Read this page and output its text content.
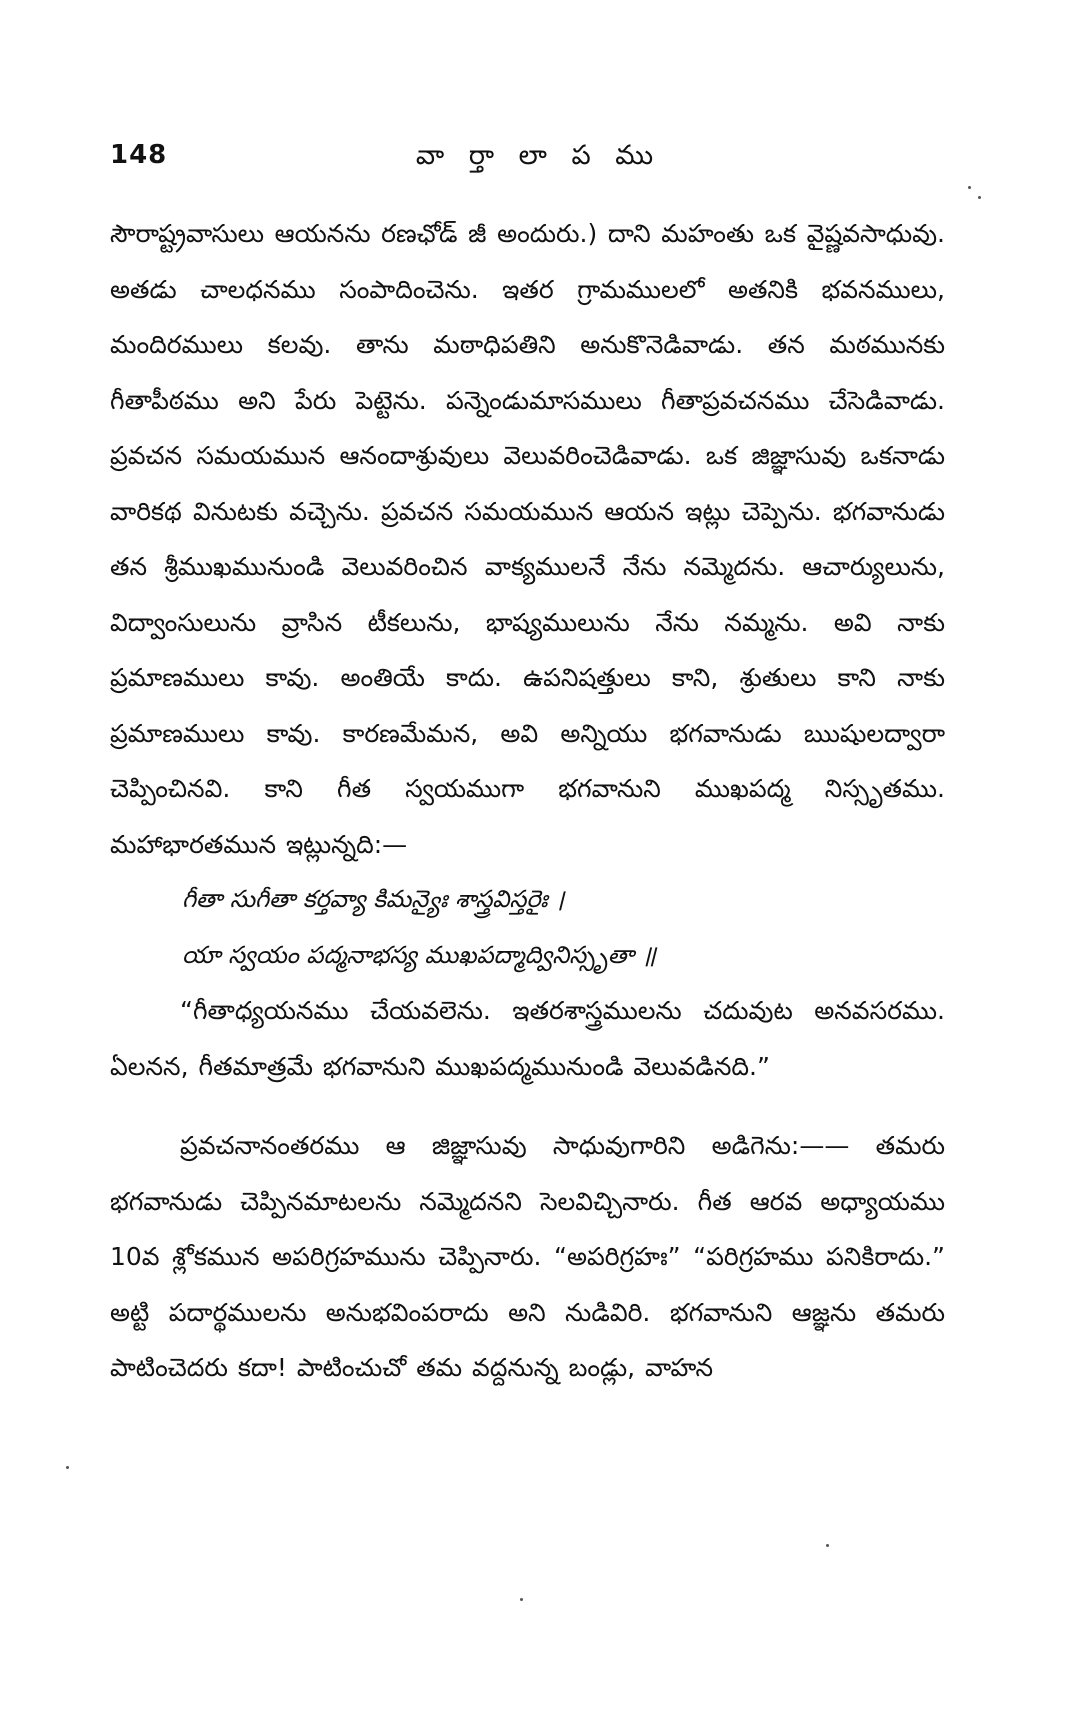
148	వా ర్తా లా ప ము

సౌరాష్ట్రవాసులు ఆయనను రణఛోడ్ జీ అందురు.) దాని మహంతు ఒక వైష్ణవసాధువు. అతడు చాలధనము సంపాదించెను. ఇతర గ్రామములలో అతనికి భవనములు, మందిరములు కలవు. తాను మఠాధిపతిని అనుకొనెడివాడు. తన మఠమునకు గీతాపీఠము అని పేరు పెట్టెను. పన్నెండుమాసములు గీతాప్రవచనము చేసెడివాడు. ప్రవచన సమయమున ఆనందాశ్రువులు వెలువరించెడివాడు. ఒక జిజ్ఞాసువు ఒకనాడు వారికథ వినుటకు వచ్చెను. ప్రవచన సమయమున ఆయన ఇట్లు చెప్పెను. భగవానుడు తన శ్రీముఖమునుండి వెలువరించిన వాక్యములనే నేను నమ్మెదను. ఆచార్యులును, విద్వాంసులును వ్రాసిన టీకలును, భాష్యములును నేను నమ్మను. అవి నాకు ప్రమాణములు కావు. అంతియే కాదు. ఉపనిషత్తులు కాని, శ్రుతులు కాని నాకు ప్రమాణములు కావు. కారణమేమన, అవి అన్నియు భగవానుడు ఋషులద్వారా చెప్పించినవి. కాని గీత స్వయముగా భగవానుని ముఖపద్మ నిస్సృతము. మహాభారతమున ఇట్లున్నది:—

గీతా సుగీతా కర్తవ్యా కిమన్యైః శాస్త్రవిస్తరైః ।

యా స్వయం పద్మనాభస్య ముఖపద్మాద్వినిస్సృతా ॥

“గీతాధ్యయనము చేయవలెను. ఇతరశాస్త్రములను చదువుట అనవసరము. ఏలనన, గీతమాత్రమే భగవానుని ముఖపద్మమునుండి వెలువడినది.”

ప్రవచనానంతరము ఆ జిజ్ఞాసువు సాధువుగారిని అడిగెను:—— తమరు భగవానుడు చెప్పినమాటలను నమ్మెదనని సెలవిచ్చినారు. గీత ఆరవ అధ్యాయము 10వ శ్లోకమున అపరిగ్రహమును చెప్పినారు. “అపరిగ్రహః” “పరిగ్రహము పనికిరాదు.” అట్టి పదార్థములను అనుభవింపరాదు అని నుడివిరి. భగవానుని ఆజ్ఞను తమరు పాటించెదరు కదా! పాటించుచో తమ వద్దనున్న బండ్లు, వాహన
